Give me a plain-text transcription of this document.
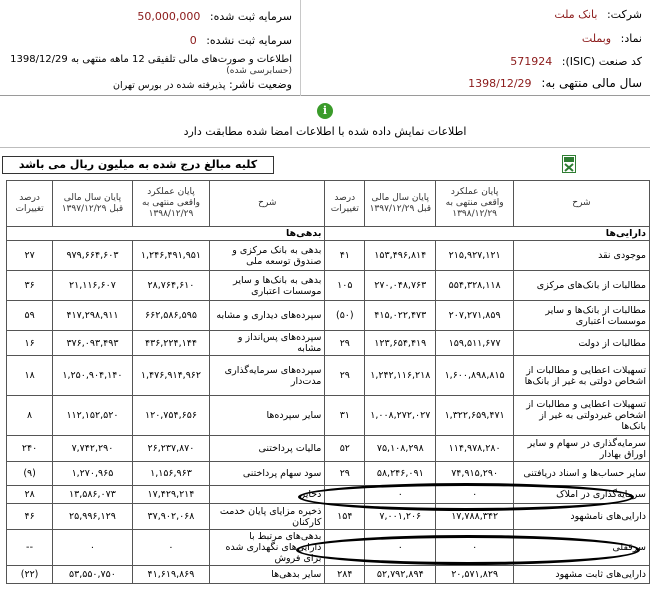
شرکت: بانک ملت
نماد: وبملت
کد صنعت (ISIC): 571924
سال مالی منتهی به: 1398/12/29
سرمایه ثبت شده: 50,000,000
سرمایه ثبت نشده: 0
اطلاعات و صورت‌های مالی تلفیقی 12 ماهه منتهی به 1398/12/29
(حسابرسی شده)
وضعیت ناشر: پذیرفته شده در بورس تهران
i
اطلاعات نمایش داده شده با اطلاعات امضا شده مطابقت دارد
کلیه مبالغ درج شده به میلیون ریال می باشد
شرح	پایان عملکرد واقعی منتهی به ۱۳۹۸/۱۲/۲۹	پایان سال مالی قبل ۱۳۹۷/۱۲/۲۹	درصد تغییرات	شرح	پایان عملکرد واقعی منتهی به ۱۳۹۸/۱۲/۲۹	پایان سال مالی قبل ۱۳۹۷/۱۲/۲۹	درصد تغییرات
دارایی‌ها				بدهی‌ها			
موجودی نقد	۲۱۵,۹۲۷,۱۲۱	۱۵۳,۴۹۶,۸۱۴	۴۱	بدهی به بانک مرکزی و صندوق توسعه ملی	۱,۲۴۶,۴۹۱,۹۵۱	۹۷۹,۶۶۴,۶۰۳	۲۷
مطالبات از بانک‌های مرکزی	۵۵۴,۳۲۸,۱۱۸	۲۷۰,۰۴۸,۷۶۳	۱۰۵	بدهی به بانک‌ها و سایر موسسات اعتباری	۲۸,۷۶۴,۶۱۰	۲۱,۱۱۶,۶۰۷	۳۶
مطالبات از بانک‌ها و سایر موسسات اعتباری	۲۰۷,۲۷۱,۸۵۹	۴۱۵,۰۲۲,۴۷۳	(۵۰)	سپرده‌های دیداری و مشابه	۶۶۲,۵۸۶,۵۹۵	۴۱۷,۲۹۸,۹۱۱	۵۹
مطالبات از دولت	۱۵۹,۵۱۱,۶۷۷	۱۲۳,۶۵۴,۴۱۹	۲۹	سپرده‌های پس‌انداز و مشابه	۴۳۶,۲۲۴,۱۴۴	۳۷۶,۰۹۳,۴۹۳	۱۶
تسهیلات اعطایی و مطالبات از اشخاص دولتی به غیر از بانک‌ها	۱,۶۰۰,۸۹۸,۸۱۵	۱,۲۴۲,۱۱۶,۲۱۸	۲۹	سپرده‌های سرمایه‌گذاری مدت‌دار	۱,۴۷۶,۹۱۴,۹۶۲	۱,۲۵۰,۹۰۴,۱۴۰	۱۸
تسهیلات اعطایی و مطالبات از اشخاص غیردولتی به غیر از بانک‌ها	۱,۳۲۲,۶۵۹,۴۷۱	۱,۰۰۸,۲۷۲,۰۲۷	۳۱	سایر سپرده‌ها	۱۲۰,۷۵۴,۶۵۶	۱۱۲,۱۵۲,۵۲۰	۸
سرمایه‌گذاری در سهام و سایر اوراق بهادار	۱۱۴,۹۷۸,۲۸۰	۷۵,۱۰۸,۲۹۸	۵۲	مالیات پرداختنی	۲۶,۲۳۷,۸۷۰	۷,۷۴۲,۲۹۰	۲۴۰
سایر حساب‌ها و اسناد دریافتنی	۷۴,۹۱۵,۲۹۰	۵۸,۲۴۶,۰۹۱	۲۹	سود سهام پرداختنی	۱,۱۵۶,۹۶۳	۱,۲۷۰,۹۶۵	(۹)
سرمایه‌گذاری در املاک	۰	۰		ذخایر	۱۷,۴۲۹,۲۱۴	۱۳,۵۸۶,۰۷۳	۲۸
دارایی‌های نامشهود	۱۷,۷۸۸,۳۴۲	۷,۰۰۱,۲۰۶	۱۵۴	ذخیره مزایای پایان خدمت کارکنان	۳۷,۹۰۲,۰۶۸	۲۵,۹۹۶,۱۲۹	۴۶
سرقفلی	۰	۰		بدهی‌های مرتبط با دارایی‌های نگهداری شده برای فروش	۰	۰	--
دارایی‌های ثابت مشهود	۲۰,۵۷۱,۸۲۹	۵۲,۷۹۲,۸۹۴	۲۸۴	سایر بدهی‌ها	۴۱,۶۱۹,۸۶۹	۵۳,۵۵۰,۷۵۰	(۲۲)
